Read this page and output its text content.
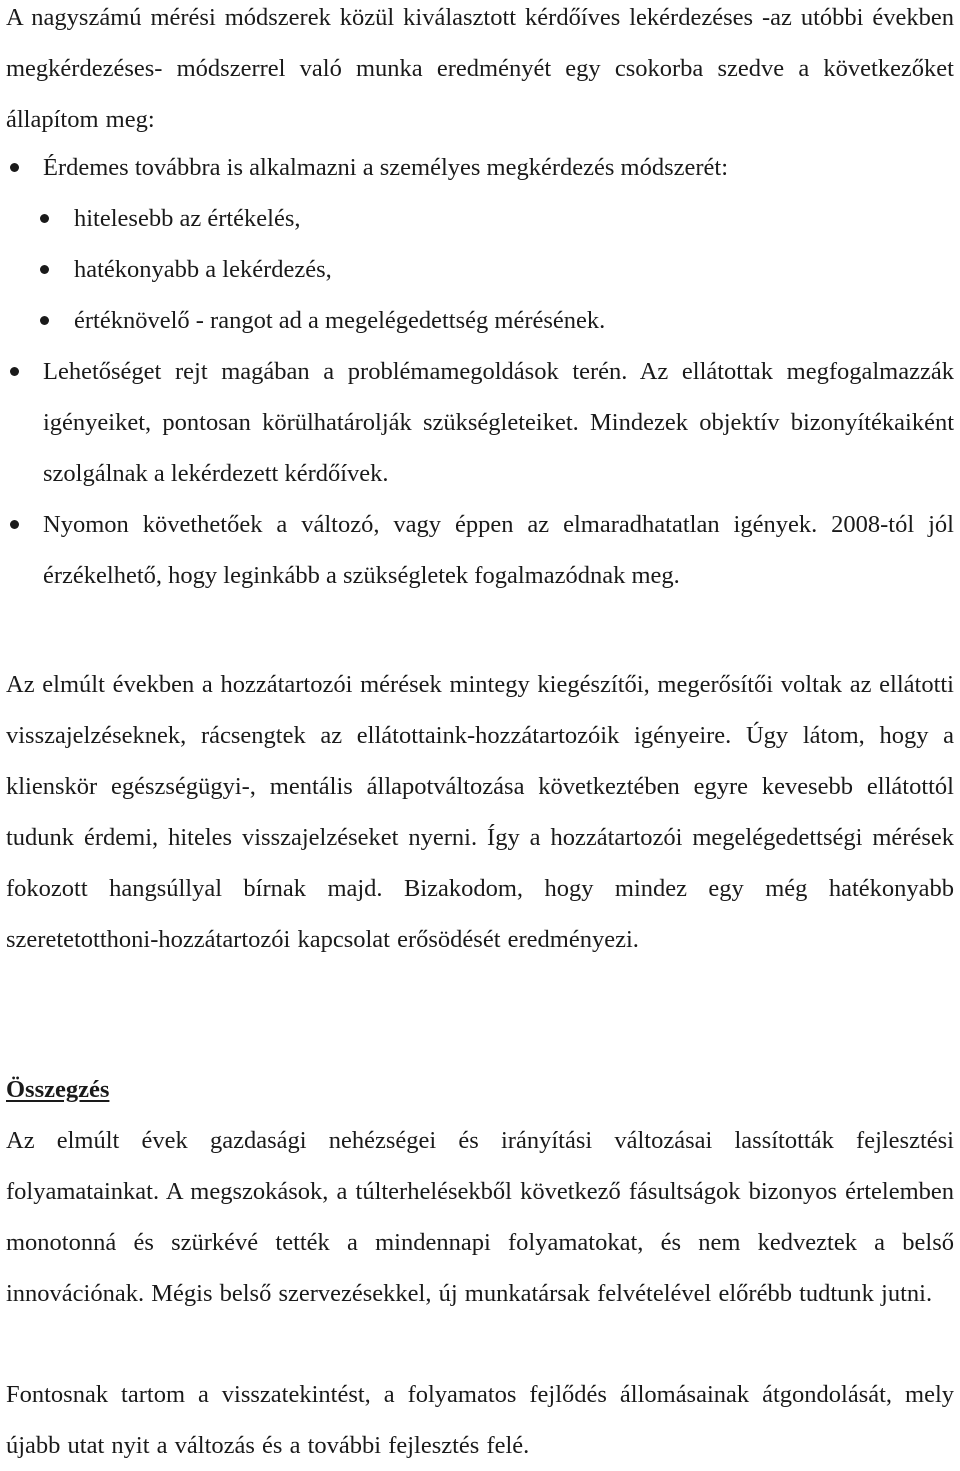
A nagyszámú mérési módszerek közül kiválasztott kérdőíves lekérdezéses -az utóbbi években megkérdezéses- módszerrel való munka eredményét egy csokorba szedve a következőket állapítom meg:

Érdemes továbbra is alkalmazni a személyes megkérdezés módszerét:
hitelesebb az értékelés,
hatékonyabb a lekérdezés,
értéknövelő - rangot ad a megelégedettség mérésének.
Lehetőséget rejt magában a problémamegoldások terén. Az ellátottak megfogalmazzák igényeiket, pontosan körülhatárolják szükségleteiket. Mindezek objektív bizonyítékaiként szolgálnak a lekérdezett kérdőívek.
Nyomon követhetőek a változó, vagy éppen az elmaradhatatlan igények. 2008-tól jól érzékelhető, hogy leginkább a szükségletek fogalmazódnak meg.

Az elmúlt években a hozzátartozói mérések mintegy kiegészítői, megerősítői voltak az ellátotti visszajelzéseknek, rácsengtek az ellátottaink-hozzátartozóik igényeire. Úgy látom, hogy a klienskör egészségügyi-, mentális állapotváltozása következtében egyre kevesebb ellátottól tudunk érdemi, hiteles visszajelzéseket nyerni. Így a hozzátartozói megelégedettségi mérések fokozott hangsúllyal bírnak majd. Bizakodom, hogy mindez egy még hatékonyabb szeretetotthoni-hozzátartozói kapcsolat erősödését eredményezi.

Összegzés

Az elmúlt évek gazdasági nehézségei és irányítási változásai lassították fejlesztési folyamatainkat. A megszokások, a túlterhelésekből következő fásultságok bizonyos értelemben monotonná és szürkévé tették a mindennapi folyamatokat, és nem kedveztek a belső innovációnak. Mégis belső szervezésekkel, új munkatársak felvételével előrébb tudtunk jutni.

Fontosnak tartom a visszatekintést, a folyamatos fejlődés állomásainak átgondolását, mely újabb utat nyit a változás és a további fejlesztés felé.
